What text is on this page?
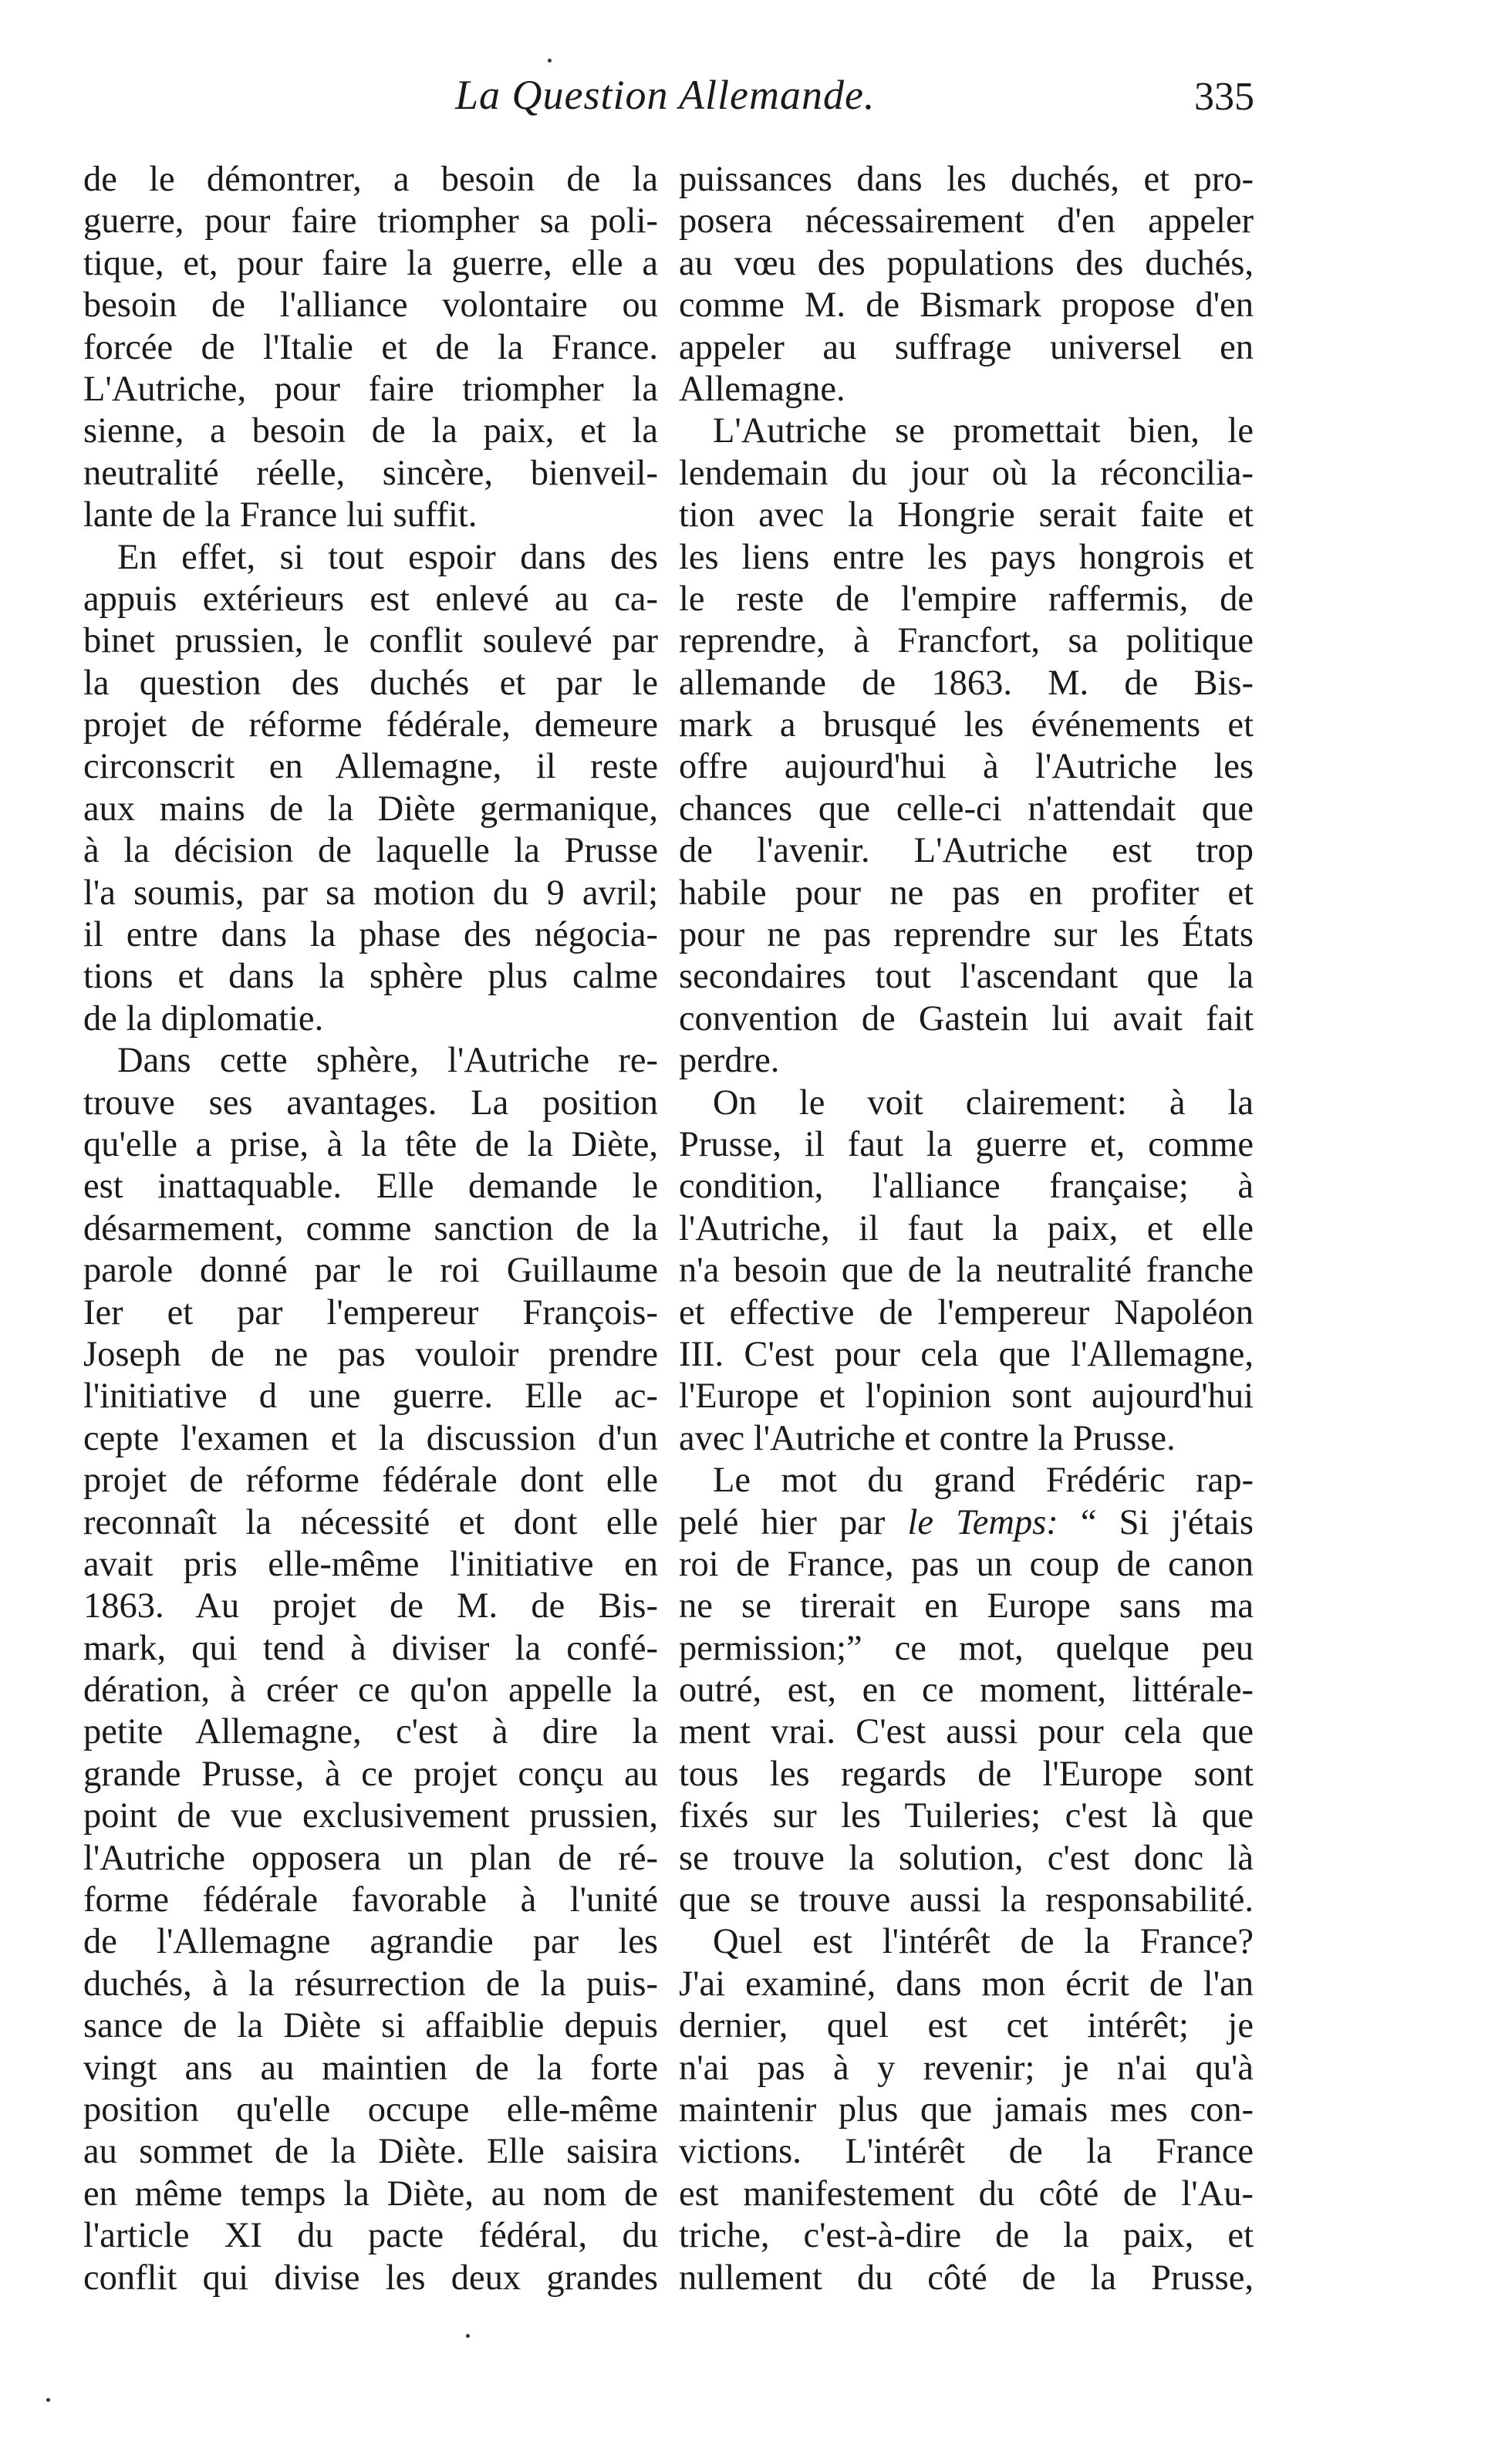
La Question Allemande.	335
de le démontrer, a besoin de la
guerre, pour faire triompher sa poli-
tique, et, pour faire la guerre, elle a
besoin de l'alliance volontaire ou
forcée de l'Italie et de la France.
L'Autriche, pour faire triompher la
sienne, a besoin de la paix, et la
neutralité réelle, sincère, bienveil-
lante de la France lui suffit.
En effet, si tout espoir dans des
appuis extérieurs est enlevé au ca-
binet prussien, le conflit soulevé par
la question des duchés et par le
projet de réforme fédérale, demeure
circonscrit en Allemagne, il reste
aux mains de la Diète germanique,
à la décision de laquelle la Prusse
l'a soumis, par sa motion du 9 avril;
il entre dans la phase des négocia-
tions et dans la sphère plus calme
de la diplomatie.
Dans cette sphère, l'Autriche re-
trouve ses avantages. La position
qu'elle a prise, à la tête de la Diète,
est inattaquable. Elle demande le
désarmement, comme sanction de la
parole donné par le roi Guillaume
Ier et par l'empereur François-
Joseph de ne pas vouloir prendre
l'initiative d une guerre. Elle ac-
cepte l'examen et la discussion d'un
projet de réforme fédérale dont elle
reconnaît la nécessité et dont elle
avait pris elle-même l'initiative en
1863. Au projet de M. de Bis-
mark, qui tend à diviser la confé-
dération, à créer ce qu'on appelle la
petite Allemagne, c'est à dire la
grande Prusse, à ce projet conçu au
point de vue exclusivement prussien,
l'Autriche opposera un plan de ré-
forme fédérale favorable à l'unité
de l'Allemagne agrandie par les
duchés, à la résurrection de la puis-
sance de la Diète si affaiblie depuis
vingt ans au maintien de la forte
position qu'elle occupe elle-même
au sommet de la Diète. Elle saisira
en même temps la Diète, au nom de
l'article XI du pacte fédéral, du
conflit qui divise les deux grandes
puissances dans les duchés, et pro-
posera nécessairement d'en appeler
au vœu des populations des duchés,
comme M. de Bismark propose d'en
appeler au suffrage universel en
Allemagne.
L'Autriche se promettait bien, le
lendemain du jour où la réconcilia-
tion avec la Hongrie serait faite et
les liens entre les pays hongrois et
le reste de l'empire raffermis, de
reprendre, à Francfort, sa politique
allemande de 1863. M. de Bis-
mark a brusqué les événements et
offre aujourd'hui à l'Autriche les
chances que celle-ci n'attendait que
de l'avenir. L'Autriche est trop
habile pour ne pas en profiter et
pour ne pas reprendre sur les États
secondaires tout l'ascendant que la
convention de Gastein lui avait fait
perdre.
On le voit clairement: à la
Prusse, il faut la guerre et, comme
condition, l'alliance française; à
l'Autriche, il faut la paix, et elle
n'a besoin que de la neutralité franche
et effective de l'empereur Napoléon
III. C'est pour cela que l'Allemagne,
l'Europe et l'opinion sont aujourd'hui
avec l'Autriche et contre la Prusse.
Le mot du grand Frédéric rap-
pelé hier par le Temps: “ Si j'étais
roi de France, pas un coup de canon
ne se tirerait en Europe sans ma
permission;” ce mot, quelque peu
outré, est, en ce moment, littérale-
ment vrai. C'est aussi pour cela que
tous les regards de l'Europe sont
fixés sur les Tuileries; c'est là que
se trouve la solution, c'est donc là
que se trouve aussi la responsabilité.
Quel est l'intérêt de la France?
J'ai examiné, dans mon écrit de l'an
dernier, quel est cet intérêt; je
n'ai pas à y revenir; je n'ai qu'à
maintenir plus que jamais mes con-
victions. L'intérêt de la France
est manifestement du côté de l'Au-
triche, c'est-à-dire de la paix, et
nullement du côté de la Prusse,
